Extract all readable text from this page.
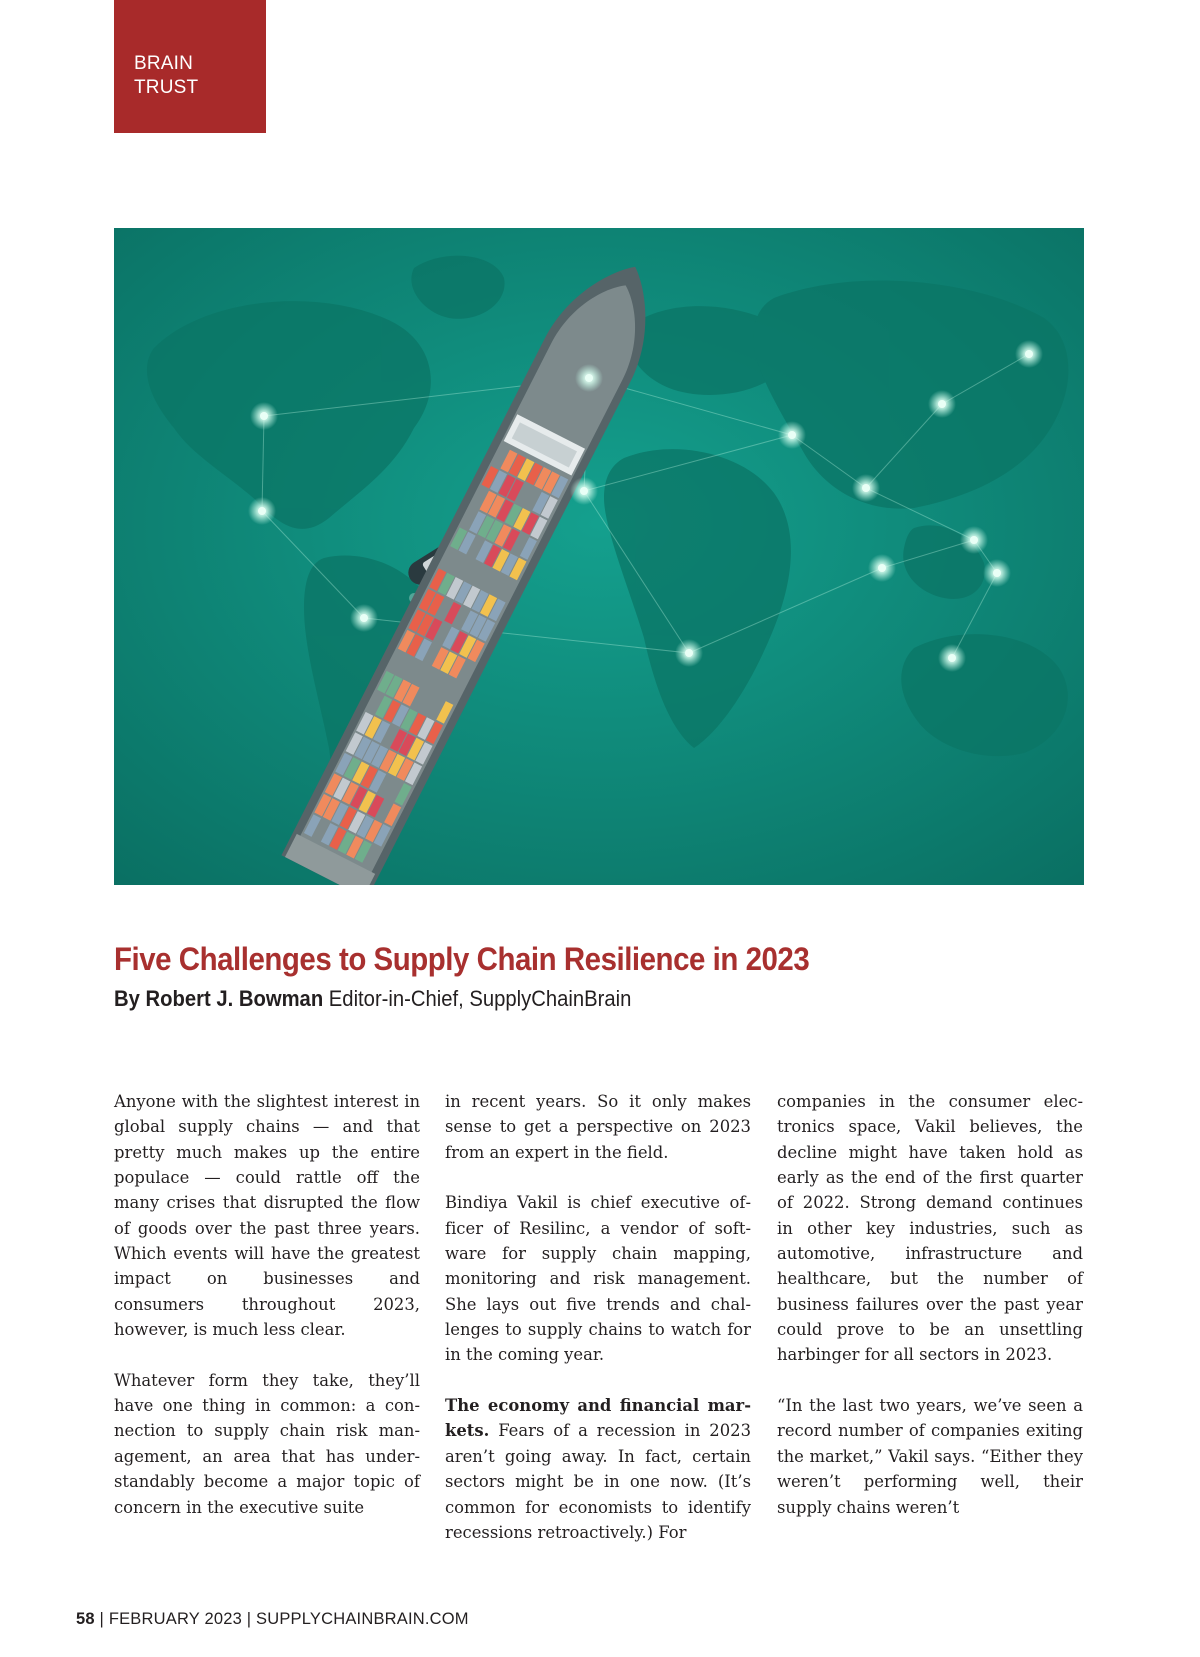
BRAIN
TRUST
Five Challenges to Supply Chain Resilience in 2023

By Robert J. Bowman Editor-in-Chief, SupplyChainBrain

Anyone with the slightest interest in global supply chains — and that pretty much makes up the entire populace — could rattle off the many crises that disrupted the flow of goods over the past three years. Which events will have the greatest impact on businesses and consumers throughout 2023, however, is much less clear.

Whatever form they take, they’ll have one thing in common: a connection to supply chain risk management, an area that has understandably become a major topic of concern in the executive suite

in recent years. So it only makes sense to get a perspective on 2023 from an expert in the field.

Bindiya Vakil is chief executive officer of Resilinc, a vendor of software for supply chain mapping, monitoring and risk management. She lays out five trends and challenges to supply chains to watch for in the coming year.

The economy and financial markets. Fears of a recession in 2023 aren’t going away. In fact, certain sectors might be in one now. (It’s common for economists to identify recessions retroactively.) For

companies in the consumer electronics space, Vakil believes, the decline might have taken hold as early as the end of the first quarter of 2022. Strong demand continues in other key industries, such as automotive, infrastructure and healthcare, but the number of business failures over the past year could prove to be an unsettling harbinger for all sectors in 2023.

“In the last two years, we’ve seen a record number of companies exiting the market,” Vakil says. “Either they weren’t performing well, their supply chains weren’t

58 | FEBRUARY 2023 | SUPPLYCHAINBRAIN.COM
